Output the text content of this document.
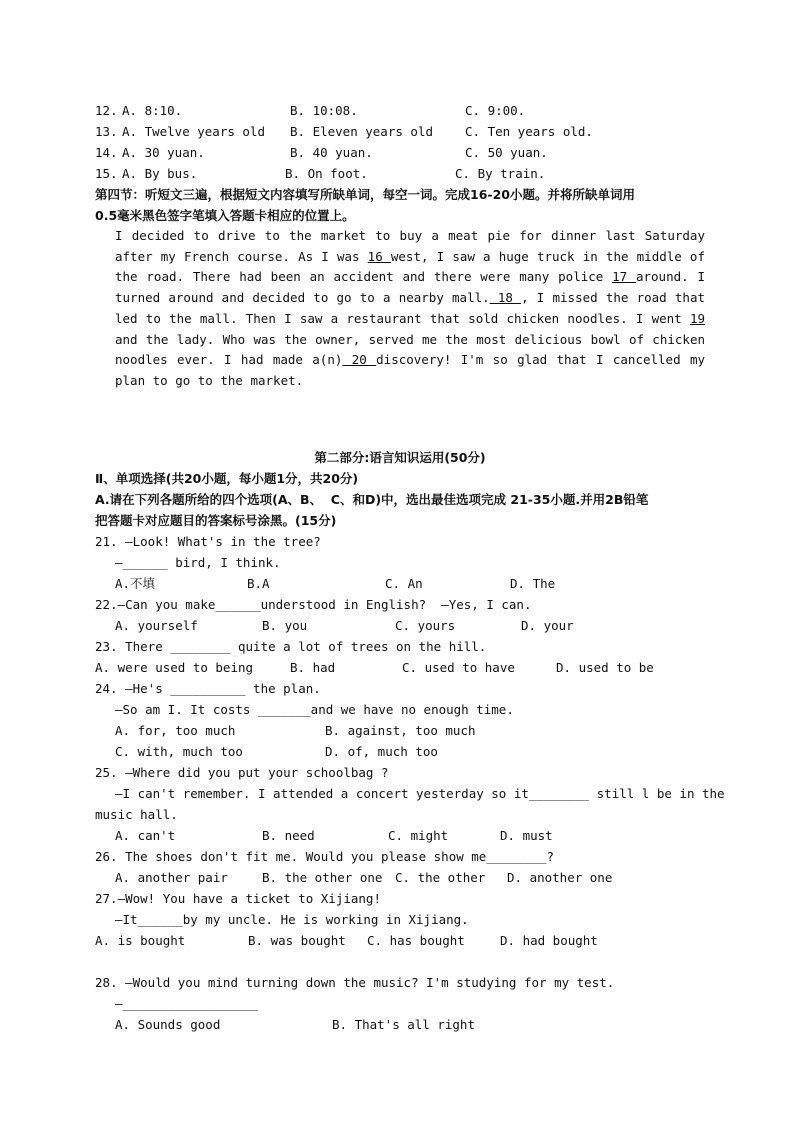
12. A. 8:10.	B. 10:08.	C. 9:00.
13. A. Twelve years old	B. Eleven years old	C. Ten years old.
14. A. 30 yuan.	B. 40 yuan.	C. 50 yuan.
15. A. By bus.	B. On foot.	C. By train.
第四节：听短文三遍，根据短文内容填写所缺单词，每空一词。完成16-20小题。并将所缺单词用
0.5毫米黑色签字笔填入答题卡相应的位置上。
I decided to drive to the market to buy a meat pie for dinner last Saturday after my French course. As I was 16 west, I saw a huge truck in the middle of the road. There had been an accident and there were many police 17 around. I turned around and decided to go to a nearby mall. 18 , I missed the road that led to the mall. Then I saw a restaurant that sold chicken noodles. I went 19 and the lady. Who was the owner, served me the most delicious bowl of chicken noodles ever. I had made a(n) 20 discovery! I'm so glad that I cancelled my plan to go to the market.
第二部分:语言知识运用(50分)
Ⅱ、单项选择(共20小题，每小题1分，共20分)
A.请在下列各题所给的四个选项(A、B、  C、和D)中，选出最佳选项完成 21-35小题.并用2B铅笔
把答题卡对应题目的答案标号涂黑。(15分)
21. —Look! What's in the tree?
—______ bird, I think.
A.不填	B.A	C. An	D. The
22.—Can you make______understood in English?  —Yes, I can.
A. yourself	B. you	C. yours	D. your
23. There ________ quite a lot of trees on the hill.
A. were used to being	B. had	C. used to have	D. used to be
24. —He's __________ the plan.
—So am I. It costs _______and we have no enough time.
A. for, too much	B. against, too much
C. with, much too	D. of, much too
25. —Where did you put your schoolbag ?
—I can't remember. I attended a concert yesterday so it________ still l be in the
music hall.
A. can't	B. need	C. might	D. must
26. The shoes don't fit me. Would you please show me________?
A. another pair	B. the other one	C. the other	D. another one
27.—Wow! You have a ticket to Xijiang!
—It______by my uncle. He is working in Xijiang.
A. is bought	B. was bought	C. has bought	D. had bought
28. —Would you mind turning down the music? I'm studying for my test.
—__________________
A. Sounds good	B. That's all right
